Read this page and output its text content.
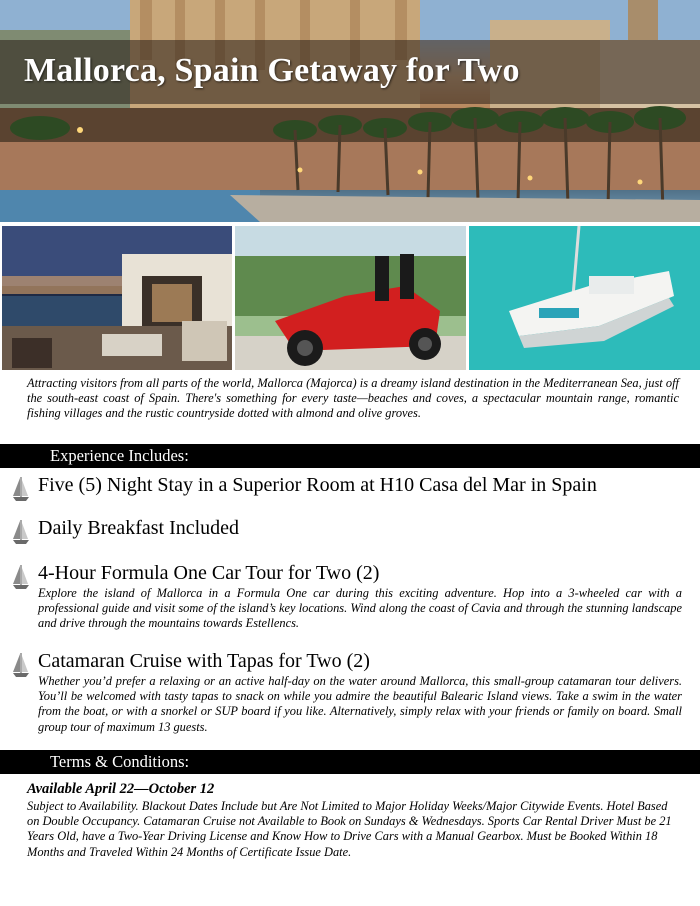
Mallorca, Spain Getaway for Two
Attracting visitors from all parts of the world, Mallorca (Majorca) is a dreamy island destination in the Mediterranean Sea, just off the south-east coast of Spain. There's something for every taste—beaches and coves, a spectacular mountain range, romantic fishing villages and the rustic countryside dotted with almond and olive groves.
Experience Includes:
Five (5) Night Stay in a Superior Room at H10 Casa del Mar in Spain
Daily Breakfast Included
4-Hour Formula One Car Tour for Two (2)
Explore the island of Mallorca in a Formula One car during this exciting adventure. Hop into a 3-wheeled car with a professional guide and visit some of the island’s key locations. Wind along the coast of Cavia and through the stunning landscape and drive through the mountains towards Estellencs.
Catamaran Cruise with Tapas for Two (2)
Whether you’d prefer a relaxing or an active half-day on the water around Mallorca, this small-group catamaran tour delivers. You’ll be welcomed with tasty tapas to snack on while you admire the beautiful Balearic Island views. Take a swim in the water from the boat, or with a snorkel or SUP board if you like. Alternatively, simply relax with your friends or family on board. Small group tour of maximum 13 guests.
Terms & Conditions:
Available April 22—October 12
Subject to Availability. Blackout Dates Include but Are Not Limited to Major Holiday Weeks/Major Citywide Events. Hotel Based on Double Occupancy. Catamaran Cruise not Available to Book on Sundays & Wednesdays. Sports Car Rental Driver Must be 21 Years Old, have a Two-Year Driving License and Know How to Drive Cars with a Manual Gearbox. Must be Booked Within 18 Months and Traveled Within 24 Months of Certificate Issue Date.
